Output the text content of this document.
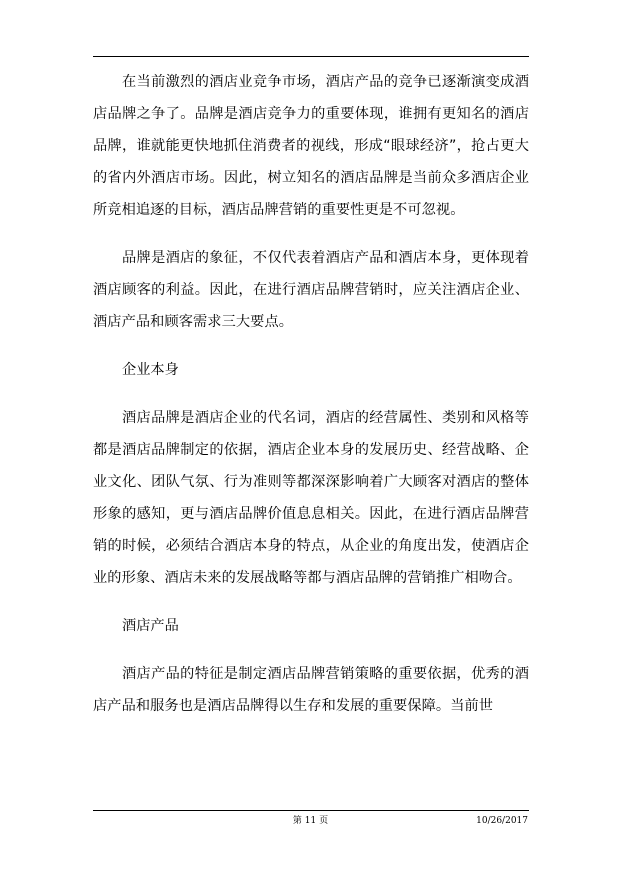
在当前激烈的酒店业竞争市场，酒店产品的竞争已逐渐演变成酒店品牌之争了。品牌是酒店竞争力的重要体现，谁拥有更知名的酒店品牌，谁就能更快地抓住消费者的视线，形成“眼球经济”，抢占更大的省内外酒店市场。因此，树立知名的酒店品牌是当前众多酒店企业所竞相追逐的目标，酒店品牌营销的重要性更是不可忽视。

品牌是酒店的象征，不仅代表着酒店产品和酒店本身，更体现着酒店顾客的利益。因此，在进行酒店品牌营销时，应关注酒店企业、酒店产品和顾客需求三大要点。

企业本身

酒店品牌是酒店企业的代名词，酒店的经营属性、类别和风格等都是酒店品牌制定的依据，酒店企业本身的发展历史、经营战略、企业文化、团队气氛、行为准则等都深深影响着广大顾客对酒店的整体形象的感知，更与酒店品牌价值息息相关。因此，在进行酒店品牌营销的时候，必须结合酒店本身的特点，从企业的角度出发，使酒店企业的形象、酒店未来的发展战略等都与酒店品牌的营销推广相吻合。

酒店产品

酒店产品的特征是制定酒店品牌营销策略的重要依据，优秀的酒店产品和服务也是酒店品牌得以生存和发展的重要保障。当前世

第 11 页	10/26/2017
